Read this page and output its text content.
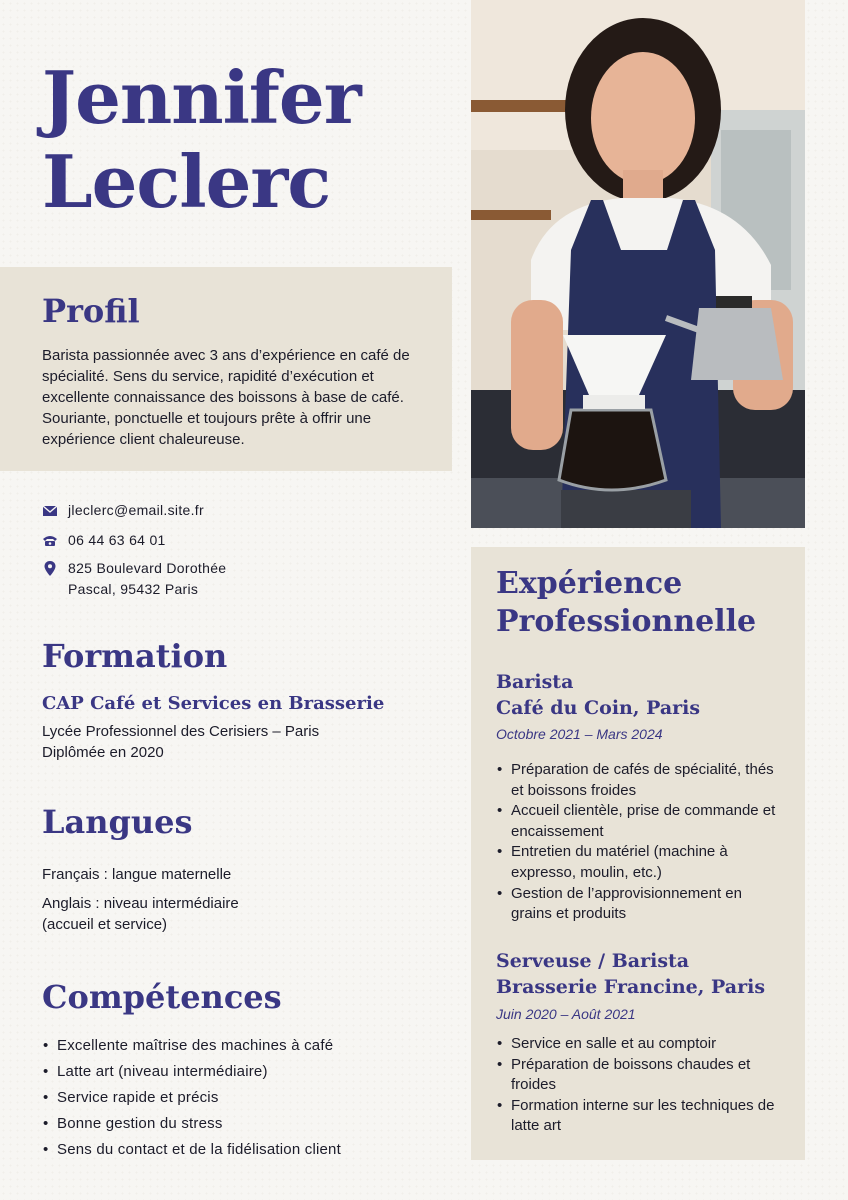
Jennifer
Leclerc
Profil

Barista passionnée avec 3 ans d’expérience en café de spécialité. Sens du service, rapidité d’exécution et excellente connaissance des boissons à base de café. Souriante, ponctuelle et toujours prête à offrir une expérience client chaleureuse.

jleclerc@email.site.fr
06 44 63 64 01
825 Boulevard Dorothée
Pascal, 95432 Paris
Formation

CAP Café et Services en Brasserie

Lycée Professionnel des Cerisiers – Paris

Diplômée en 2020

Langues

Français : langue maternelle

Anglais : niveau intermédiaire

(accueil et service)

Compétences
• Excellente maîtrise des machines à café
• Latte art (niveau intermédiaire)
• Service rapide et précis
• Bonne gestion du stress
• Sens du contact et de la fidélisation client
Expérience
Professionnelle

Barista

Café du Coin, Paris

Octobre 2021 – Mars 2024

• Préparation de cafés de spécialité, thés et boissons froides
• Accueil clientèle, prise de commande et encaissement
• Entretien du matériel (machine à expresso, moulin, etc.)
• Gestion de l’approvisionnement en grains et produits

Serveuse / Barista

Brasserie Francine, Paris

Juin 2020 – Août 2021

• Service en salle et au comptoir
• Préparation de boissons chaudes et froides
• Formation interne sur les techniques de latte art
